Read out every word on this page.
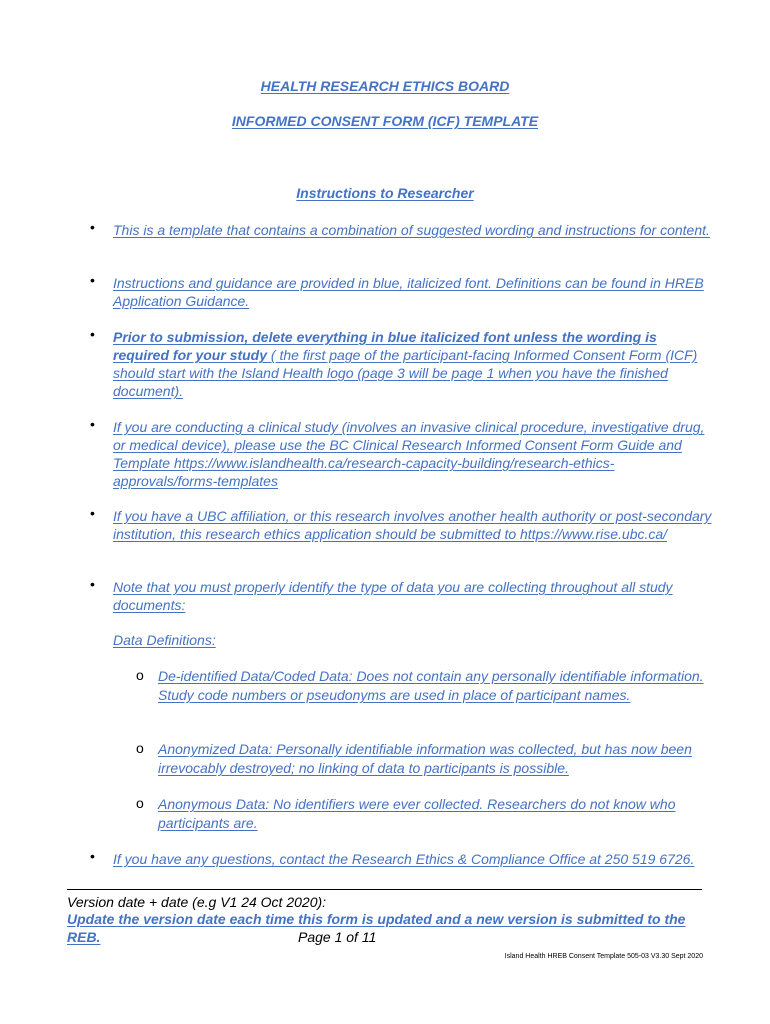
HEALTH RESEARCH ETHICS BOARD
INFORMED CONSENT FORM (ICF) TEMPLATE
Instructions to Researcher
• This is a template that contains a combination of suggested wording and instructions for content.
• Instructions and guidance are provided in blue, italicized font. Definitions can be found in HREB Application Guidance.
• Prior to submission, delete everything in blue italicized font unless the wording is required for your study ( the first page of the participant-facing Informed Consent Form (ICF) should start with the Island Health logo (page 3 will be page 1 when you have the finished document).
• If you are conducting a clinical study (involves an invasive clinical procedure, investigative drug, or medical device), please use the BC Clinical Research Informed Consent Form Guide and Template https://www.islandhealth.ca/research-capacity-building/research-ethics-approvals/forms-templates
• If you have a UBC affiliation, or this research involves another health authority or post-secondary institution, this research ethics application should be submitted to https://www.rise.ubc.ca/
• Note that you must properly identify the type of data you are collecting throughout all study documents:
Data Definitions:
o De-identified Data/Coded Data: Does not contain any personally identifiable information. Study code numbers or pseudonyms are used in place of participant names.
o Anonymized Data: Personally identifiable information was collected, but has now been irrevocably destroyed; no linking of data to participants is possible.
o Anonymous Data: No identifiers were ever collected. Researchers do not know who participants are.
• If you have any questions, contact the Research Ethics & Compliance Office at 250 519 6726.
Version date + date (e.g V1 24 Oct 2020):
Update the version date each time this form is updated and a new version is submitted to the
REB.	Page 1 of 11
Island Health HREB Consent Template 505-03 V3.30 Sept 2020
